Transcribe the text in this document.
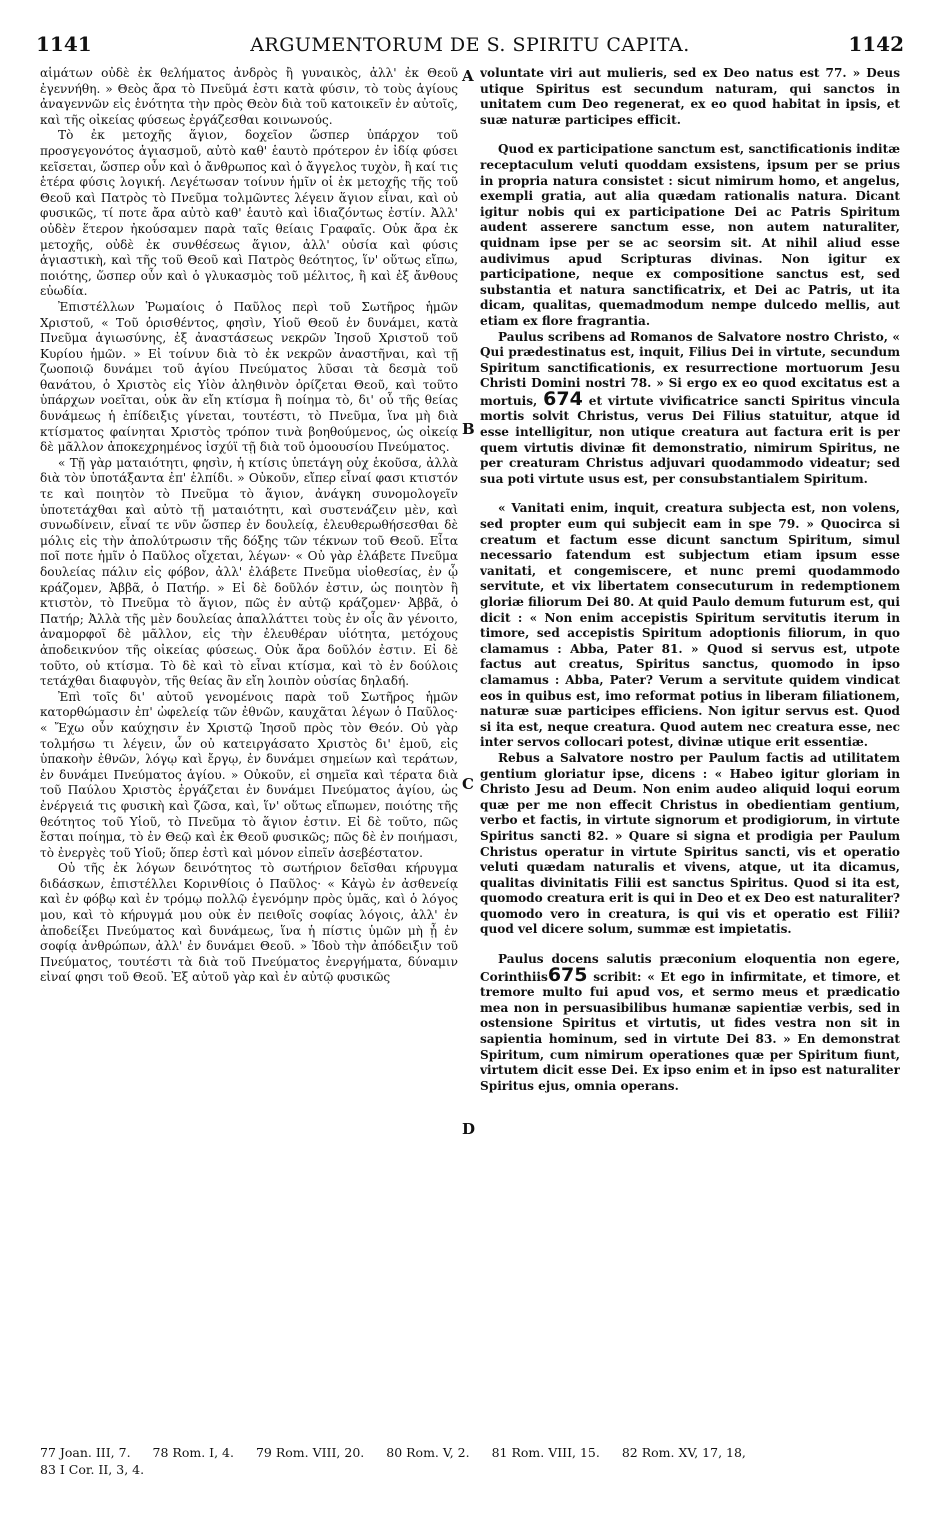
1141	ARGUMENTORUM DE S. SPIRITU CAPITA.	1142

αἱμάτων οὐδὲ ἐκ θελήματος ἀνδρὸς ἢ γυναικὸς, ἀλλ' ἐκ Θεοῦ ἐγεννήθη. » Θεὸς ἄρα τὸ Πνεῦμά ἐστι κατὰ φύσιν, τὸ τοὺς ἁγίους ἀναγεννῶν εἰς ἑνότητα τὴν πρὸς Θεὸν διὰ τοῦ κατοικεῖν ἐν αὐτοῖς, καὶ τῆς οἰκείας φύσεως ἐργάζεσθαι κοινωνούς.

Τὸ ἐκ μετοχῆς ἅγιον, δοχεῖον ὥσπερ ὑπάρχον τοῦ προσγεγονότος ἁγιασμοῦ, αὐτὸ καθ' ἑαυτὸ πρότερον ἐν ἰδίᾳ φύσει κεῖσεται, ὥσπερ οὖν καὶ ὁ ἄνθρωπος καὶ ὁ ἄγγελος τυχὸν, ἢ καί τις ἑτέρα φύσις λογική. Λεγέτωσαν τοίνυν ἡμῖν οἱ ἐκ μετοχῆς τῆς τοῦ Θεοῦ καὶ Πατρὸς τὸ Πνεῦμα τολμῶντες λέγειν ἅγιον εἶναι, καὶ οὐ φυσικῶς, τί ποτε ἄρα αὐτὸ καθ' ἑαυτὸ καὶ ἰδιαζόντως ἐστίν. Ἀλλ' οὐδὲν ἕτερον ἠκούσαμεν παρὰ ταῖς θείαις Γραφαῖς. Οὐκ ἄρα ἐκ μετοχῆς, οὐδὲ ἐκ συνθέσεως ἅγιον, ἀλλ' οὐσία καὶ φύσις ἁγιαστικὴ, καὶ τῆς τοῦ Θεοῦ καὶ Πατρὸς θεότητος, ἵν' οὕτως εἴπω, ποιότης, ὥσπερ οὖν καὶ ὁ γλυκασμὸς τοῦ μέλιτος, ἢ καὶ ἐξ ἄνθους εὐωδία.

Ἐπιστέλλων Ῥωμαίοις ὁ Παῦλος περὶ τοῦ Σωτῆρος ἡμῶν Χριστοῦ, « Τοῦ ὁρισθέντος, φησὶν, Υἱοῦ Θεοῦ ἐν δυνάμει, κατὰ Πνεῦμα ἁγιωσύνης, ἐξ ἀναστάσεως νεκρῶν Ἰησοῦ Χριστοῦ τοῦ Κυρίου ἡμῶν. » Εἰ τοίνυν διὰ τὸ ἐκ νεκρῶν ἀναστῆναι, καὶ τῇ ζωοποιῷ δυνάμει τοῦ ἁγίου Πνεύματος λῦσαι τὰ δεσμὰ τοῦ θανάτου, ὁ Χριστὸς εἰς Υἱὸν ἀληθινὸν ὁρίζεται Θεοῦ, καὶ τοῦτο ὑπάρχων νοεῖται, οὐκ ἂν εἴη κτίσμα ἢ ποίημα τὸ, δι' οὗ τῆς θείας δυνάμεως ἡ ἐπίδειξις γίνεται, τουτέστι, τὸ Πνεῦμα, ἵνα μὴ διὰ κτίσματος φαίνηται Χριστὸς τρόπον τινὰ βοηθούμενος, ὡς οἰκείᾳ δὲ μᾶλλον ἀποκεχρημένος ἰσχύϊ τῇ διὰ τοῦ ὁμοουσίου Πνεύματος.

« Τῇ γὰρ ματαιότητι, φησὶν, ἡ κτίσις ὑπετάγη οὐχ ἑκοῦσα, ἀλλὰ διὰ τὸν ὑποτάξαντα ἐπ' ἐλπίδι. » Οὐκοῦν, εἴπερ εἶναί φασι κτιστόν τε καὶ ποιητὸν τὸ Πνεῦμα τὸ ἅγιον, ἀνάγκη συνομολογεῖν ὑποτετάχθαι καὶ αὐτὸ τῇ ματαιότητι, καὶ συστενάζειν μὲν, καὶ συνωδίνειν, εἶναί τε νῦν ὥσπερ ἐν δουλείᾳ, ἐλευθερωθήσεσθαι δὲ μόλις εἰς τὴν ἀπολύτρωσιν τῆς δόξης τῶν τέκνων τοῦ Θεοῦ. Εἶτα ποῖ ποτε ἡμῖν ὁ Παῦλος οἴχεται, λέγων· « Οὐ γὰρ ἐλάβετε Πνεῦμα δουλείας πάλιν εἰς φόβον, ἀλλ' ἐλάβετε Πνεῦμα υἱοθεσίας, ἐν ᾧ κράζομεν, Ἀββᾶ, ὁ Πατήρ. » Εἰ δὲ δοῦλόν ἐστιν, ὡς ποιητὸν ἢ κτιστὸν, τὸ Πνεῦμα τὸ ἅγιον, πῶς ἐν αὐτῷ κράζομεν· Ἀββᾶ, ὁ Πατήρ; Ἀλλὰ τῆς μὲν δουλείας ἀπαλλάττει τοὺς ἐν οἷς ἂν γένοιτο, ἀναμορφοῖ δὲ μᾶλλον, εἰς τὴν ἐλευθέραν υἱότητα, μετόχους ἀποδεικνύον τῆς οἰκείας φύσεως. Οὐκ ἄρα δοῦλόν ἐστιν. Εἰ δὲ τοῦτο, οὐ κτίσμα. Τὸ δὲ καὶ τὸ εἶναι κτίσμα, καὶ τὸ ἐν δούλοις τετάχθαι διαφυγὸν, τῆς θείας ἂν εἴη λοιπὸν οὐσίας δηλαδή.

Ἐπὶ τοῖς δι' αὐτοῦ γενομένοις παρὰ τοῦ Σωτῆρος ἡμῶν κατορθώμασιν ἐπ' ὠφελείᾳ τῶν ἐθνῶν, καυχᾶται λέγων ὁ Παῦλος· « Ἔχω οὖν καύχησιν ἐν Χριστῷ Ἰησοῦ πρὸς τὸν Θεόν. Οὐ γὰρ τολμήσω τι λέγειν, ὧν οὐ κατειργάσατο Χριστὸς δι' ἐμοῦ, εἰς ὑπακοὴν ἐθνῶν, λόγῳ καὶ ἔργῳ, ἐν δυνάμει σημείων καὶ τεράτων, ἐν δυνάμει Πνεύματος ἁγίου. » Οὐκοῦν, εἰ σημεῖα καὶ τέρατα διὰ τοῦ Παύλου Χριστὸς ἐργάζεται ἐν δυνάμει Πνεύματος ἁγίου, ὡς ἐνέργειά τις φυσικὴ καὶ ζῶσα, καὶ, ἵν' οὕτως εἴπωμεν, ποιότης τῆς θεότητος τοῦ Υἱοῦ, τὸ Πνεῦμα τὸ ἅγιον ἐστιν. Εἰ δὲ τοῦτο, πῶς ἔσται ποίημα, τὸ ἐν Θεῷ καὶ ἐκ Θεοῦ φυσικῶς; πῶς δὲ ἐν ποιήμασι, τὸ ἐνεργὲς τοῦ Υἱοῦ; ὅπερ ἐστὶ καὶ μόνον εἰπεῖν ἀσεβέστατον.

Οὐ τῆς ἐκ λόγων δεινότητος τὸ σωτήριον δεῖσθαι κήρυγμα διδάσκων, ἐπιστέλλει Κορινθίοις ὁ Παῦλος· « Κἀγὼ ἐν ἀσθενείᾳ καὶ ἐν φόβῳ καὶ ἐν τρόμῳ πολλῷ ἐγενόμην πρὸς ὑμᾶς, καὶ ὁ λόγος μου, καὶ τὸ κήρυγμά μου οὐκ ἐν πειθοῖς σοφίας λόγοις, ἀλλ' ἐν ἀποδείξει Πνεύματος καὶ δυνάμεως, ἵνα ἡ πίστις ὑμῶν μὴ ᾖ ἐν σοφίᾳ ἀνθρώπων, ἀλλ' ἐν δυνάμει Θεοῦ. » Ἰδοὺ τὴν ἀπόδειξιν τοῦ Πνεύματος, τουτέστι τὰ διὰ τοῦ Πνεύματος ἐνεργήματα, δύναμιν εἰναί φησι τοῦ Θεοῦ. Ἐξ αὐτοῦ γὰρ καὶ ἐν αὐτῷ φυσικῶς

A
B
C
D

voluntate viri aut mulieris, sed ex Deo natus est 77. » Deus utique Spiritus est secundum naturam, qui sanctos in unitatem cum Deo regenerat, ex eo quod habitat in ipsis, et suæ naturæ participes efficit.

Quod ex participatione sanctum est, sanctificationis inditæ receptaculum veluti quoddam exsistens, ipsum per se prius in propria natura consistet : sicut nimirum homo, et angelus, exempli gratia, aut alia quædam rationalis natura. Dicant igitur nobis qui ex participatione Dei ac Patris Spiritum audent asserere sanctum esse, non autem naturaliter, quidnam ipse per se ac seorsim sit. At nihil aliud esse audivimus apud Scripturas divinas. Non igitur ex participatione, neque ex compositione sanctus est, sed substantia et natura sanctificatrix, et Dei ac Patris, ut ita dicam, qualitas, quemadmodum nempe dulcedo mellis, aut etiam ex flore fragrantia.

Paulus scribens ad Romanos de Salvatore nostro Christo, « Qui prædestinatus est, inquit, Filius Dei in virtute, secundum Spiritum sanctificationis, ex resurrectione mortuorum Jesu Christi Domini nostri 78. » Si ergo ex eo quod excitatus est a mortuis, 674 et virtute vivificatrice sancti Spiritus vincula mortis solvit Christus, verus Dei Filius statuitur, atque id esse intelligitur, non utique creatura aut factura erit is per quem virtutis divinæ fit demonstratio, nimirum Spiritus, ne per creaturam Christus adjuvari quodammodo videatur; sed sua poti virtute usus est, per consubstantialem Spiritum.

« Vanitati enim, inquit, creatura subjecta est, non volens, sed propter eum qui subjecit eam in spe 79. » Quocirca si creatum et factum esse dicunt sanctum Spiritum, simul necessario fatendum est subjectum etiam ipsum esse vanitati, et congemiscere, et nunc premi quodammodo servitute, et vix libertatem consecuturum in redemptionem gloriæ filiorum Dei 80. At quid Paulo demum futurum est, qui dicit : « Non enim accepistis Spiritum servitutis iterum in timore, sed accepistis Spiritum adoptionis filiorum, in quo clamamus : Abba, Pater 81. » Quod si servus est, utpote factus aut creatus, Spiritus sanctus, quomodo in ipso clamamus : Abba, Pater? Verum a servitute quidem vindicat eos in quibus est, imo reformat potius in liberam filiationem, naturæ suæ participes efficiens. Non igitur servus est. Quod si ita est, neque creatura. Quod autem nec creatura esse, nec inter servos collocari potest, divinæ utique erit essentiæ.

Rebus a Salvatore nostro per Paulum factis ad utilitatem gentium gloriatur ipse, dicens : « Habeo igitur gloriam in Christo Jesu ad Deum. Non enim audeo aliquid loqui eorum quæ per me non effecit Christus in obedientiam gentium, verbo et factis, in virtute signorum et prodigiorum, in virtute Spiritus sancti 82. » Quare si signa et prodigia per Paulum Christus operatur in virtute Spiritus sancti, vis et operatio veluti quædam naturalis et vivens, atque, ut ita dicamus, qualitas divinitatis Filii est sanctus Spiritus. Quod si ita est, quomodo creatura erit is qui in Deo et ex Deo est naturaliter? quomodo vero in creatura, is qui vis et operatio est Filii? quod vel dicere solum, summæ est impietatis.

Paulus docens salutis præconium eloquentia non egere, Corinthiis675 scribit: « Et ego in infirmitate, et timore, et tremore multo fui apud vos, et sermo meus et prædicatio mea non in persuasibilibus humanæ sapientiæ verbis, sed in ostensione Spiritus et virtutis, ut fides vestra non sit in sapientia hominum, sed in virtute Dei 83. » En demonstrat Spiritum, cum nimirum operationes quæ per Spiritum fiunt, virtutem dicit esse Dei. Ex ipso enim et in ipso est naturaliter Spiritus ejus, omnia operans.

77 Joan. III, 7. 78 Rom. I, 4. 79 Rom. VIII, 20. 80 Rom. V, 2. 81 Rom. VIII, 15. 82 Rom. XV, 17, 18,
83 I Cor. II, 3, 4.
